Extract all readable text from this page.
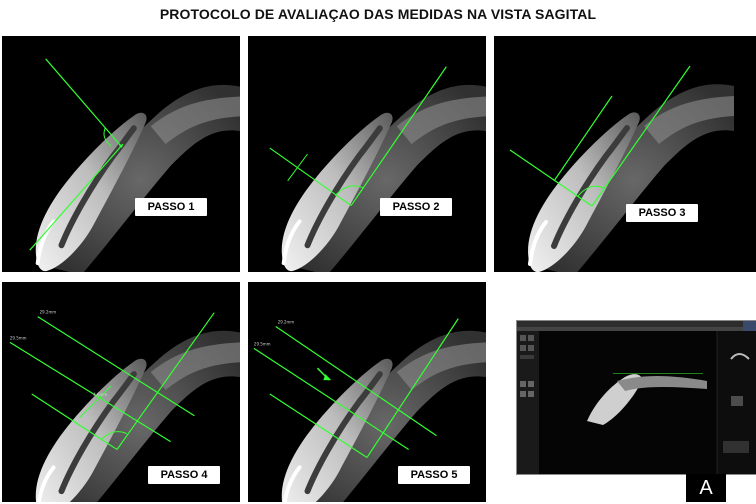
PROTOCOLO DE AVALIAÇAO DAS MEDIDAS NA VISTA SAGITAL
PASSO 1	PASSO 2	PASSO 3
29.2mm
29.5mm
4.6mm
PASSO 4
29.2mm
29.5mm
PASSO 5
A
